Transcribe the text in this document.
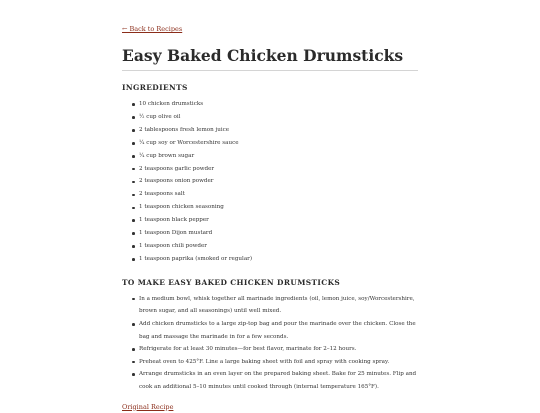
← Back to Recipes
Easy Baked Chicken Drumsticks
INGREDIENTS
10 chicken drumsticks
½ cup olive oil
2 tablespoons fresh lemon juice
¼ cup soy or Worcestershire sauce
¼ cup brown sugar
2 teaspoons garlic powder
2 teaspoons onion powder
2 teaspoons salt
1 teaspoon chicken seasoning
1 teaspoon black pepper
1 teaspoon Dijon mustard
1 teaspoon chili powder
1 teaspoon paprika (smoked or regular)
TO MAKE EASY BAKED CHICKEN DRUMSTICKS
In a medium bowl, whisk together all marinade ingredients (oil, lemon juice, soy/Worcestershire, brown sugar, and all seasonings) until well mixed.
Add chicken drumsticks to a large zip-top bag and pour the marinade over the chicken. Close the bag and massage the marinade in for a few seconds.
Refrigerate for at least 30 minutes—for best flavor, marinate for 2–12 hours.
Preheat oven to 425°F. Line a large baking sheet with foil and spray with cooking spray.
Arrange drumsticks in an even layer on the prepared baking sheet. Bake for 25 minutes. Flip and cook an additional 5–10 minutes until cooked through (internal temperature 165°F).
Original Recipe
